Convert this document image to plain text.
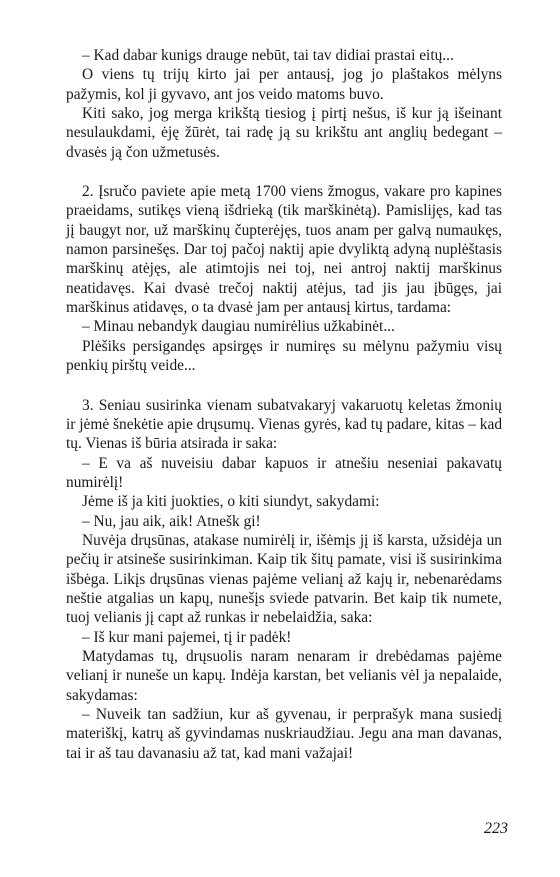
– Kad dabar kunigs drauge nebūt, tai tav didiai prastai eitų...

O viens tų trijų kirto jai per antausį, jog jo plaštakos mėlyns pažymis, kol ji gyvavo, ant jos veido matoms buvo.

Kiti sako, jog merga krikštą tiesiog į pirtį nešus, iš kur ją išeinant nesulaukdami, ėję žūrėt, tai radę ją su krikštu ant anglių bedegant – dvasės ją čon užmetusės.

2. Įsručo paviete apie metą 1700 viens žmogus, vakare pro kapines praeidams, sutikęs vieną išdrieką (tik marškinėtą). Pamislijęs, kad tas jį baugyt nor, už marškinų čupterėjęs, tuos anam per galvą numaukęs, namon parsinešęs. Dar toj pačoj naktij apie dvyliktą adyną nuplėštasis marškinų atėjęs, ale atimtojis nei toj, nei antroj naktij marškinus neatidavęs. Kai dvasė trečoj naktij atėjus, tad jis jau įbūgęs, jai marškinus atidavęs, o ta dvasė jam per antausį kirtus, tardama:

– Minau nebandyk daugiau numirėlius užkabinėt...

Plėšiks persigandęs apsirgęs ir numiręs su mėlynu pažymiu visų penkių pirštų veide...

3. Seniau susirinka vienam subatvakaryj vakaruotų keletas žmonių ir jėmė šnekėtie apie drųsumų. Vienas gyrės, kad tų padare, kitas – kad tų. Vienas iš būria atsirada ir saka:

– E va aš nuveisiu dabar kapuos ir atnešiu neseniai pakavatų numirėlį!

Jėme iš ja kiti juokties, o kiti siundyt, sakydami:

– Nu, jau aik, aik! Atnešk gi!

Nuvėja drųsūnas, atakase numirėlį ir, išėmįs jį iš karsta, užsidėja un pečių ir atsineše susirinkiman. Kaip tik šitų pamate, visi iš susirinkima išbėga. Likįs drųsūnas vienas pajėme velianį až kajų ir, nebenarėdams neštie atgalias un kapų, nunešįs sviede patvarin. Bet kaip tik numete, tuoj velianis jį capt až runkas ir nebelaidžia, saka:

– Iš kur mani pajemei, tį ir padėk!

Matydamas tų, drųsuolis naram nenaram ir drebėdamas pajėme velianį ir nuneše un kapų. Indėja karstan, bet velianis vėl ja nepalaide, sakydamas:

– Nuveik tan sadžiun, kur aš gyvenau, ir perprašyk mana susiedį materiškį, katrų aš gyvindamas nuskriaudžiau. Jegu ana man davanas, tai ir aš tau davanasiu až tat, kad mani važajai!

223
